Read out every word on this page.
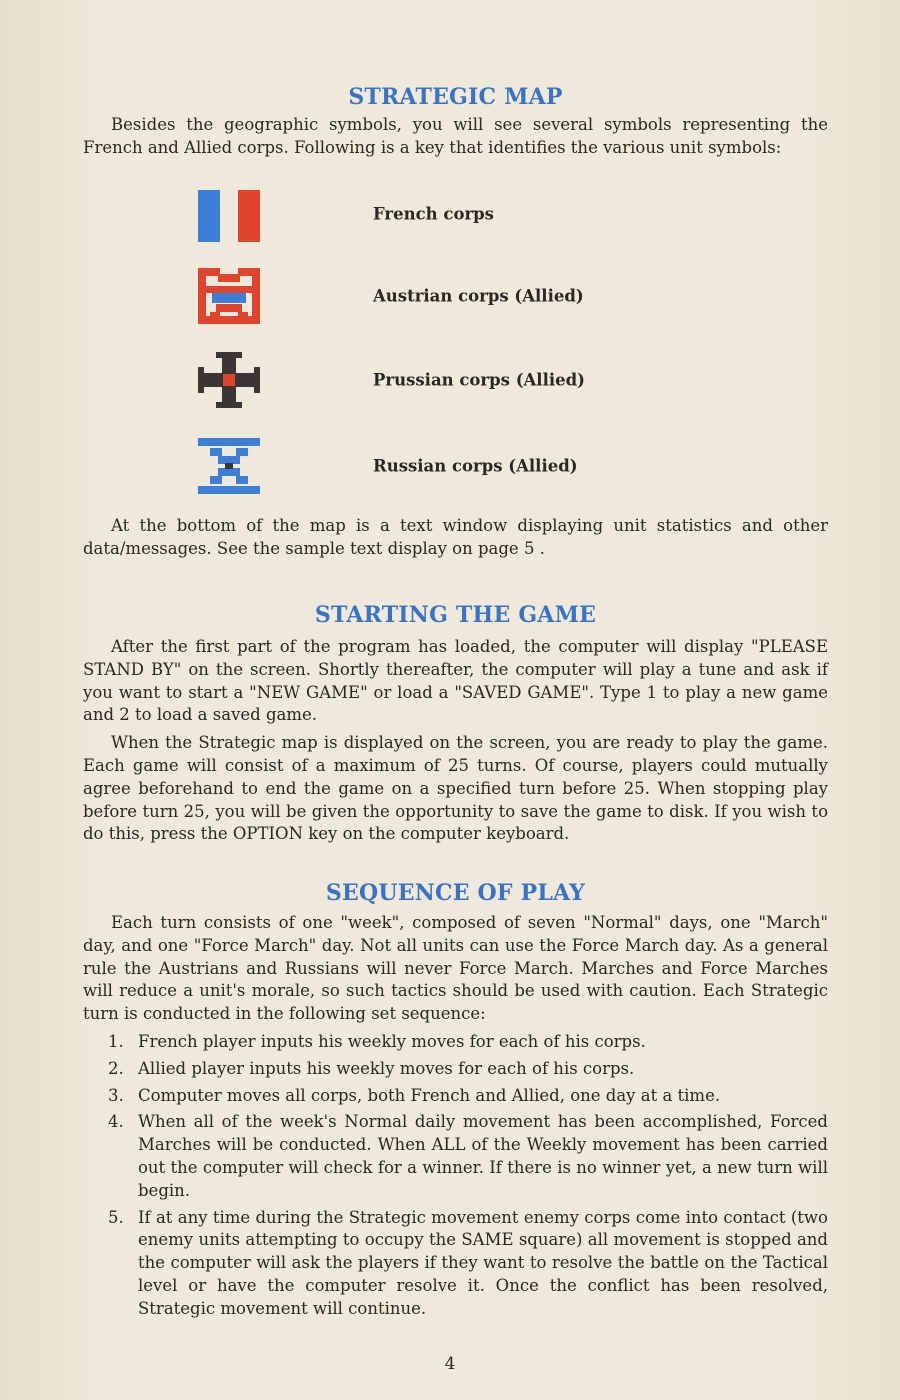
STRATEGIC MAP

Besides the geographic symbols, you will see several symbols representing the French and Allied corps. Following is a key that identifies the various unit symbols:

French corps
Austrian corps (Allied)
Prussian corps (Allied)
Russian corps (Allied)

At the bottom of the map is a text window displaying unit statistics and other data/messages. See the sample text display on page 5 .

STARTING THE GAME

After the first part of the program has loaded, the computer will display "PLEASE STAND BY" on the screen. Shortly thereafter, the computer will play a tune and ask if you want to start a "NEW GAME" or load a "SAVED GAME". Type 1 to play a new game and 2 to load a saved game.

When the Strategic map is displayed on the screen, you are ready to play the game. Each game will consist of a maximum of 25 turns. Of course, players could mutually agree beforehand to end the game on a specified turn before 25. When stopping play before turn 25, you will be given the opportunity to save the game to disk. If you wish to do this, press the OPTION key on the computer keyboard.

SEQUENCE OF PLAY

Each turn consists of one "week", composed of seven "Normal" days, one "March" day, and one "Force March" day. Not all units can use the Force March day. As a general rule the Austrians and Russians will never Force March. Marches and Force Marches will reduce a unit's morale, so such tactics should be used with caution. Each Strategic turn is conducted in the following set sequence:

1. French player inputs his weekly moves for each of his corps.
2. Allied player inputs his weekly moves for each of his corps.
3. Computer moves all corps, both French and Allied, one day at a time.
4. When all of the week's Normal daily movement has been accomplished, Forced Marches will be conducted. When ALL of the Weekly movement has been carried out the computer will check for a winner. If there is no winner yet, a new turn will begin.
5. If at any time during the Strategic movement enemy corps come into contact (two enemy units attempting to occupy the SAME square) all movement is stopped and the computer will ask the players if they want to resolve the battle on the Tactical level or have the computer resolve it. Once the conflict has been resolved, Strategic movement will continue.
4
